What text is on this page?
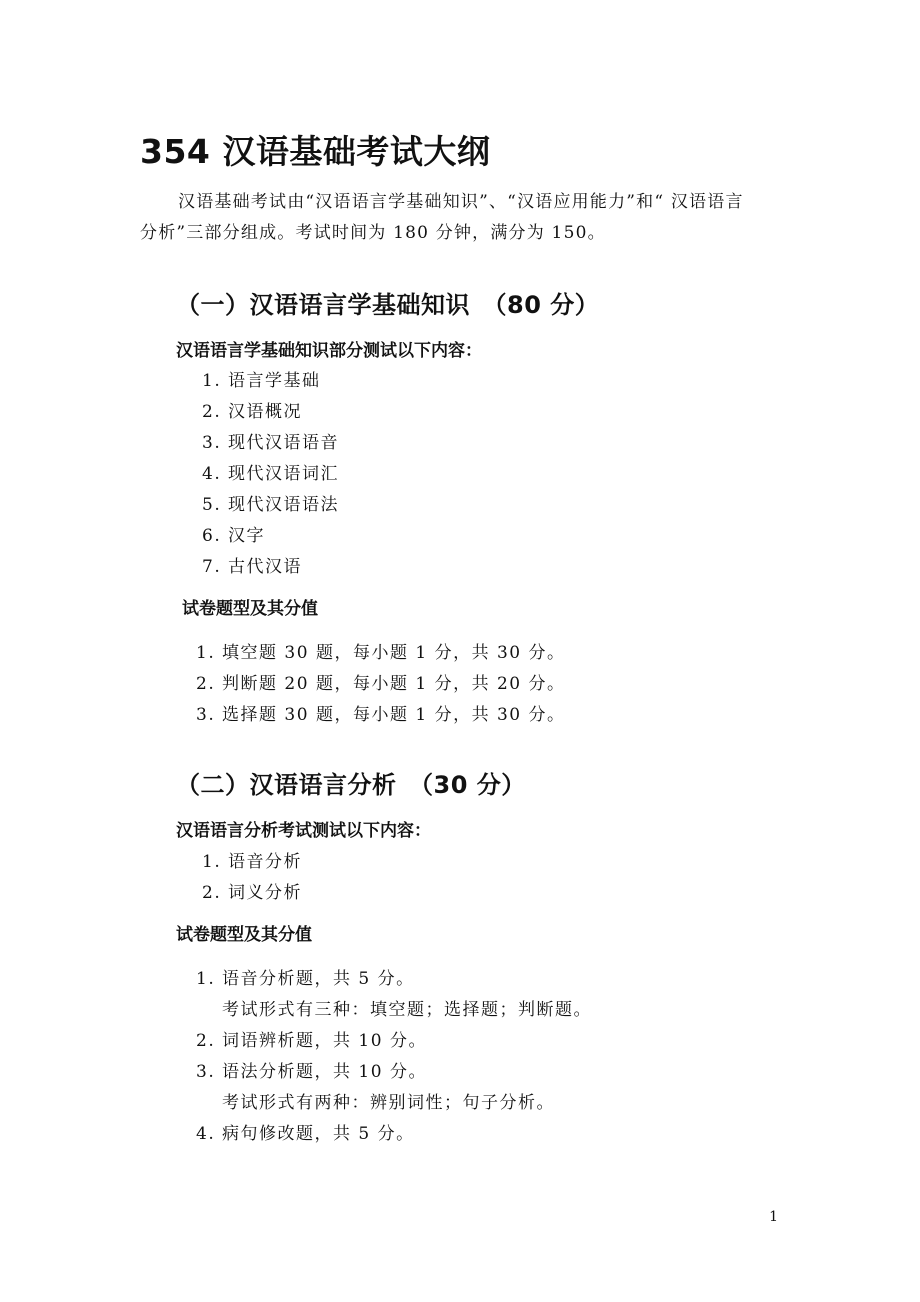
354 汉语基础考试大纲
汉语基础考试由“汉语语言学基础知识”、“汉语应用能力”和“ 汉语语言
分析”三部分组成。考试时间为 180 分钟，满分为 150。
（一）汉语语言学基础知识　（80 分）
汉语语言学基础知识部分测试以下内容：
1. 语言学基础
2. 汉语概况
3. 现代汉语语音
4. 现代汉语词汇
5. 现代汉语语法
6. 汉字
7. 古代汉语
试卷题型及其分值
1. 填空题 30 题，每小题 1 分，共 30 分。
2. 判断题 20 题，每小题 1 分，共 20 分。
3. 选择题 30 题，每小题 1 分，共 30 分。
（二）汉语语言分析　（30 分）
汉语语言分析考试测试以下内容：
1. 语音分析
2. 词义分析
试卷题型及其分值
1. 语音分析题，共 5 分。
考试形式有三种：填空题；选择题；判断题。
2. 词语辨析题，共 10 分。
3. 语法分析题，共 10 分。
考试形式有两种：辨别词性；句子分析。
4. 病句修改题，共 5 分。
1
